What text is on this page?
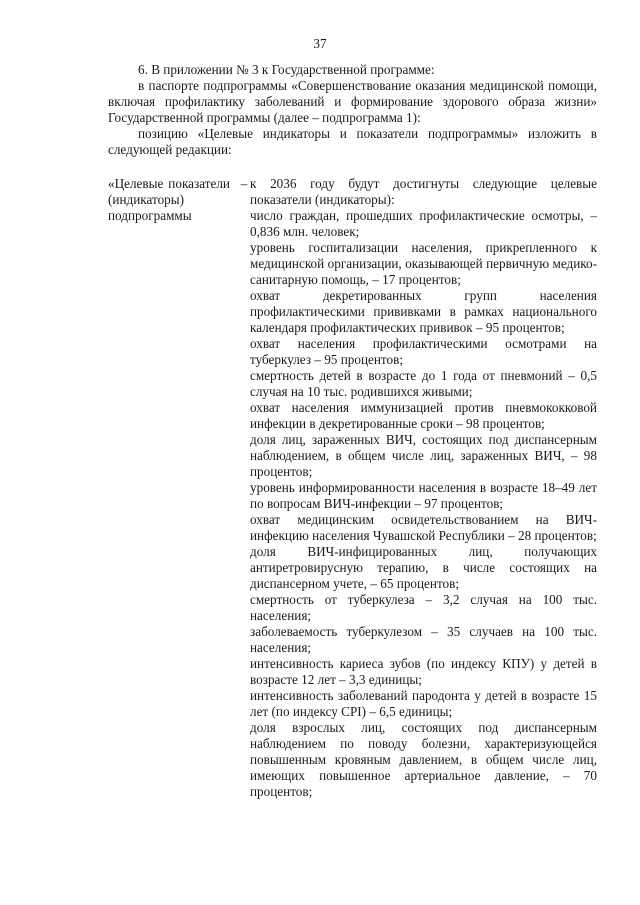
37

6. В приложении № 3 к Государственной программе:

в паспорте подпрограммы «Совершенствование оказания медицинской помощи, включая профилактику заболеваний и формирование здорового образа жизни» Государственной программы (далее – подпрограмма 1):

позицию «Целевые индикаторы и показатели подпрограммы» изложить в следующей редакции:

«Целевые показатели (индикаторы) подпрограммы
– к 2036 году будут достигнуты следующие целевые показатели (индикаторы):

число граждан, прошедших профилактические осмотры, – 0,836 млн. человек;

уровень госпитализации населения, прикрепленного к медицинской организации, оказывающей первичную медико-санитарную помощь, – 17 процентов;

охват декретированных групп населения профилактическими прививками в рамках национального календаря профилактических прививок – 95 процентов;

охват населения профилактическими осмотрами на туберкулез – 95 процентов;

смертность детей в возрасте до 1 года от пневмоний – 0,5 случая на 10 тыс. родившихся живыми;

охват населения иммунизацией против пневмококковой инфекции в декретированные сроки – 98 процентов;

доля лиц, зараженных ВИЧ, состоящих под диспансерным наблюдением, в общем числе лиц, зараженных ВИЧ, – 98 процентов;

уровень информированности населения в возрасте 18–49 лет по вопросам ВИЧ-инфекции – 97 процентов;

охват медицинским освидетельствованием на ВИЧ-инфекцию населения Чувашской Республики – 28 процентов;

доля ВИЧ-инфицированных лиц, получающих антиретровирусную терапию, в числе состоящих на диспансерном учете, – 65 процентов;

смертность от туберкулеза – 3,2 случая на 100 тыс. населения;

заболеваемость туберкулезом – 35 случаев на 100 тыс. населения;

интенсивность кариеса зубов (по индексу КПУ) у детей в возрасте 12 лет – 3,3 единицы;

интенсивность заболеваний пародонта у детей в возрасте 15 лет (по индексу CPI) – 6,5 единицы;

доля взрослых лиц, состоящих под диспансерным наблюдением по поводу болезни, характеризующейся повышенным кровяным давлением, в общем числе лиц, имеющих повышенное артериальное давление, – 70 процентов;
